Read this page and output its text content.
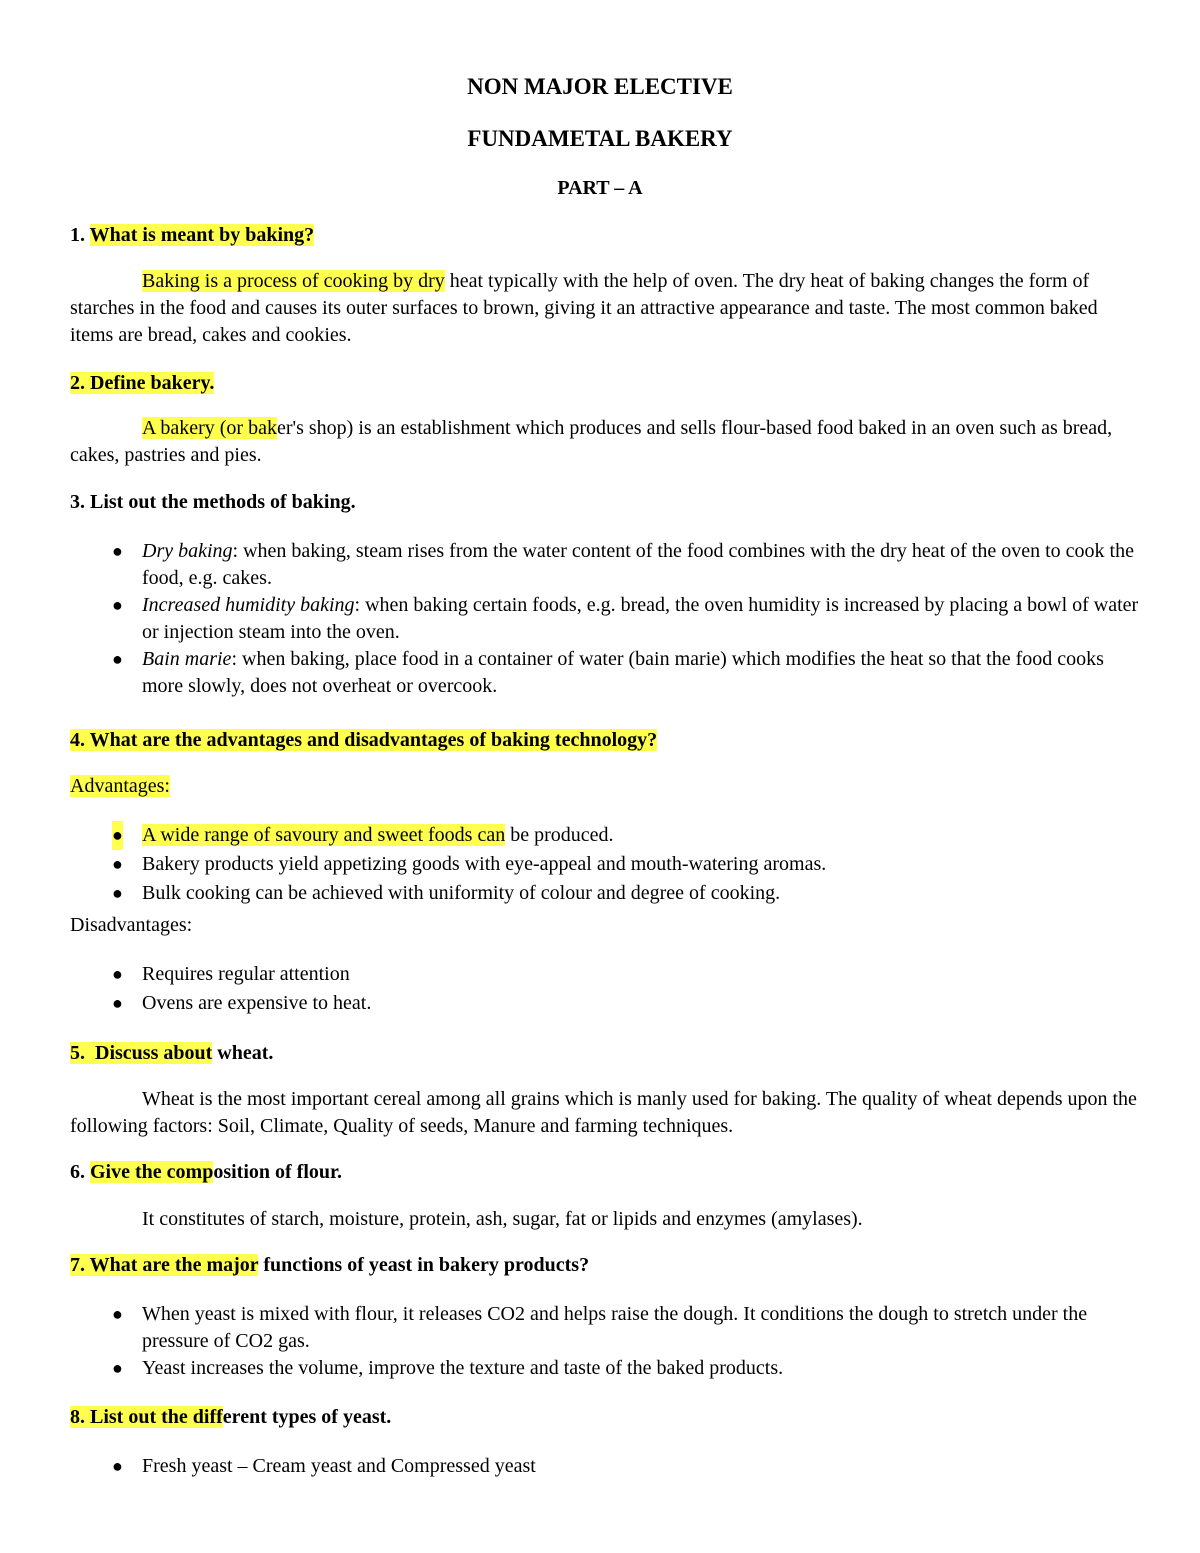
NON MAJOR ELECTIVE
FUNDAMETAL BAKERY
PART – A

1. What is meant by baking?

Baking is a process of cooking by dry heat typically with the help of oven. The dry heat of baking changes the form of starches in the food and causes its outer surfaces to brown, giving it an attractive appearance and taste. The most common baked items are bread, cakes and cookies.

2. Define bakery.

A bakery (or baker's shop) is an establishment which produces and sells flour-based food baked in an oven such as bread, cakes, pastries and pies.

3. List out the methods of baking.

● Dry baking: when baking, steam rises from the water content of the food combines with the dry heat of the oven to cook the food, e.g. cakes.
● Increased humidity baking: when baking certain foods, e.g. bread, the oven humidity is increased by placing a bowl of water or injection steam into the oven.
● Bain marie: when baking, place food in a container of water (bain marie) which modifies the heat so that the food cooks more slowly, does not overheat or overcook.

4. What are the advantages and disadvantages of baking technology?

Advantages:

● A wide range of savoury and sweet foods can be produced.
● Bakery products yield appetizing goods with eye-appeal and mouth-watering aromas.
● Bulk cooking can be achieved with uniformity of colour and degree of cooking.

Disadvantages:

● Requires regular attention
● Ovens are expensive to heat.

5.  Discuss about wheat.

Wheat is the most important cereal among all grains which is manly used for baking. The quality of wheat depends upon the following factors: Soil, Climate, Quality of seeds, Manure and farming techniques.

6. Give the composition of flour.

It constitutes of starch, moisture, protein, ash, sugar, fat or lipids and enzymes (amylases).

7. What are the major functions of yeast in bakery products?

● When yeast is mixed with flour, it releases CO2 and helps raise the dough. It conditions the dough to stretch under the pressure of CO2 gas.
● Yeast increases the volume, improve the texture and taste of the baked products.

8. List out the different types of yeast.

● Fresh yeast – Cream yeast and Compressed yeast
